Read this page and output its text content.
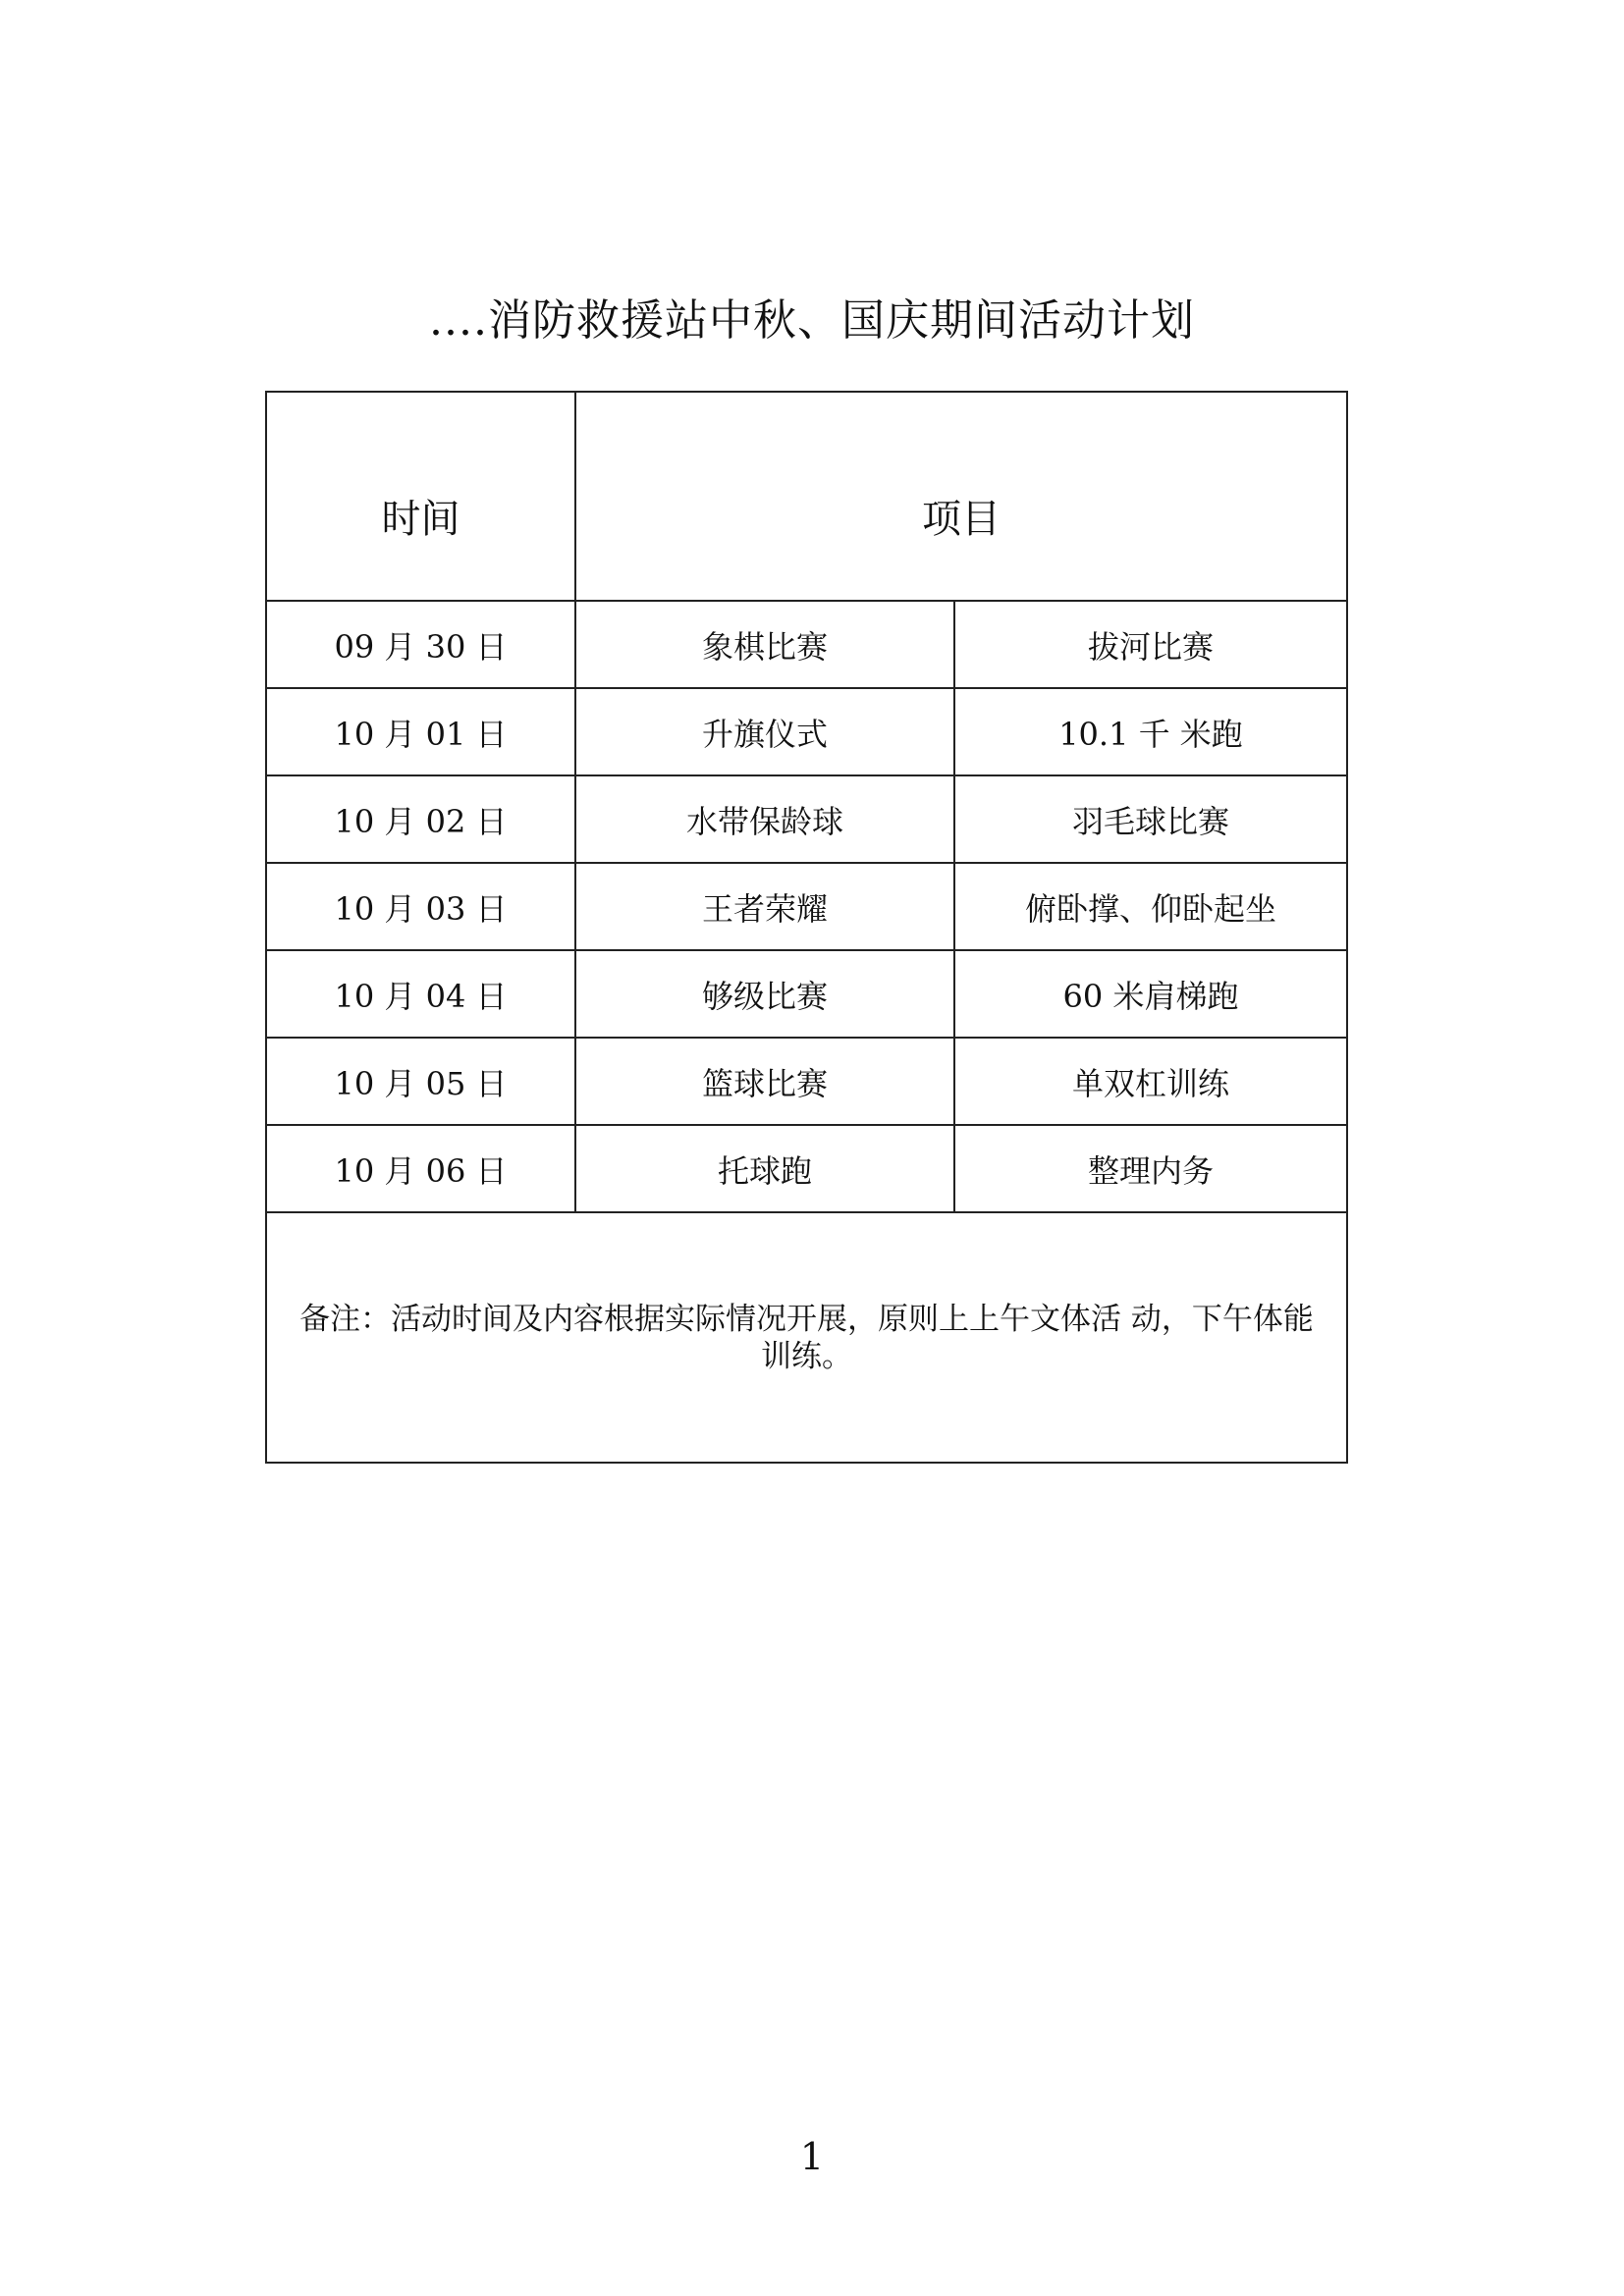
....消防救援站中秋、国庆期间活动计划
时间	项目	
09 月 30 日	象棋比赛	拔河比赛
10 月 01 日	升旗仪式	10.1 千 米跑
10 月 02 日	水带保龄球	羽毛球比赛
10 月 03 日	王者荣耀	俯卧撑、仰卧起坐
10 月 04 日	够级比赛	60 米肩梯跑
10 月 05 日	篮球比赛	单双杠训练
10 月 06 日	托球跑	整理内务
备注：活动时间及内容根据实际情况开展，原则上上午文体活 动，下午体能训练。		
1
